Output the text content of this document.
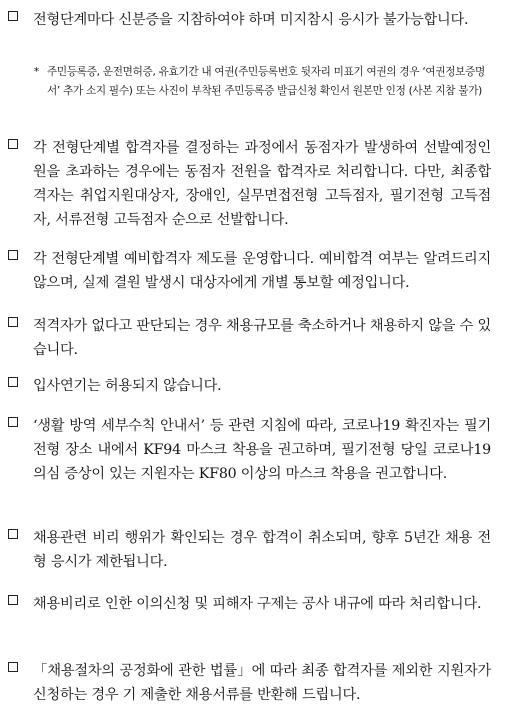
전형단계마다 신분증을 지참하여야 하며 미지참시 응시가 불가능합니다.
* 주민등록증, 운전면허증, 유효기간 내 여권(주민등록번호 뒷자리 미표기 여권의 경우 ‘여권정보증명서’ 추가 소지 필수) 또는 사진이 부착된 주민등록증 발급신청 확인서 원본만 인정 (사본 지참 불가)
각 전형단계별 합격자를 결정하는 과정에서 동점자가 발생하여 선발예정인원을 초과하는 경우에는 동점자 전원을 합격자로 처리합니다. 다만, 최종합격자는 취업지원대상자, 장애인, 실무면접전형 고득점자, 필기전형 고득점자, 서류전형 고득점자 순으로 선발합니다.
각 전형단계별 예비합격자 제도를 운영합니다. 예비합격 여부는 알려드리지 않으며, 실제 결원 발생시 대상자에게 개별 통보할 예정입니다.
적격자가 없다고 판단되는 경우 채용규모를 축소하거나 채용하지 않을 수 있습니다.
입사연기는 허용되지 않습니다.
‘생활 방역 세부수칙 안내서’ 등 관련 지침에 따라, 코로나19 확진자는 필기전형 장소 내에서 KF94 마스크 착용을 권고하며, 필기전형 당일 코로나19 의심 증상이 있는 지원자는 KF80 이상의 마스크 착용을 권고합니다.
채용관련 비리 행위가 확인되는 경우 합격이 취소되며, 향후 5년간 채용 전형 응시가 제한됩니다.
채용비리로 인한 이의신청 및 피해자 구제는 공사 내규에 따라 처리합니다.
「채용절차의 공정화에 관한 법률」에 따라 최종 합격자를 제외한 지원자가 신청하는 경우 기 제출한 채용서류를 반환해 드립니다.
